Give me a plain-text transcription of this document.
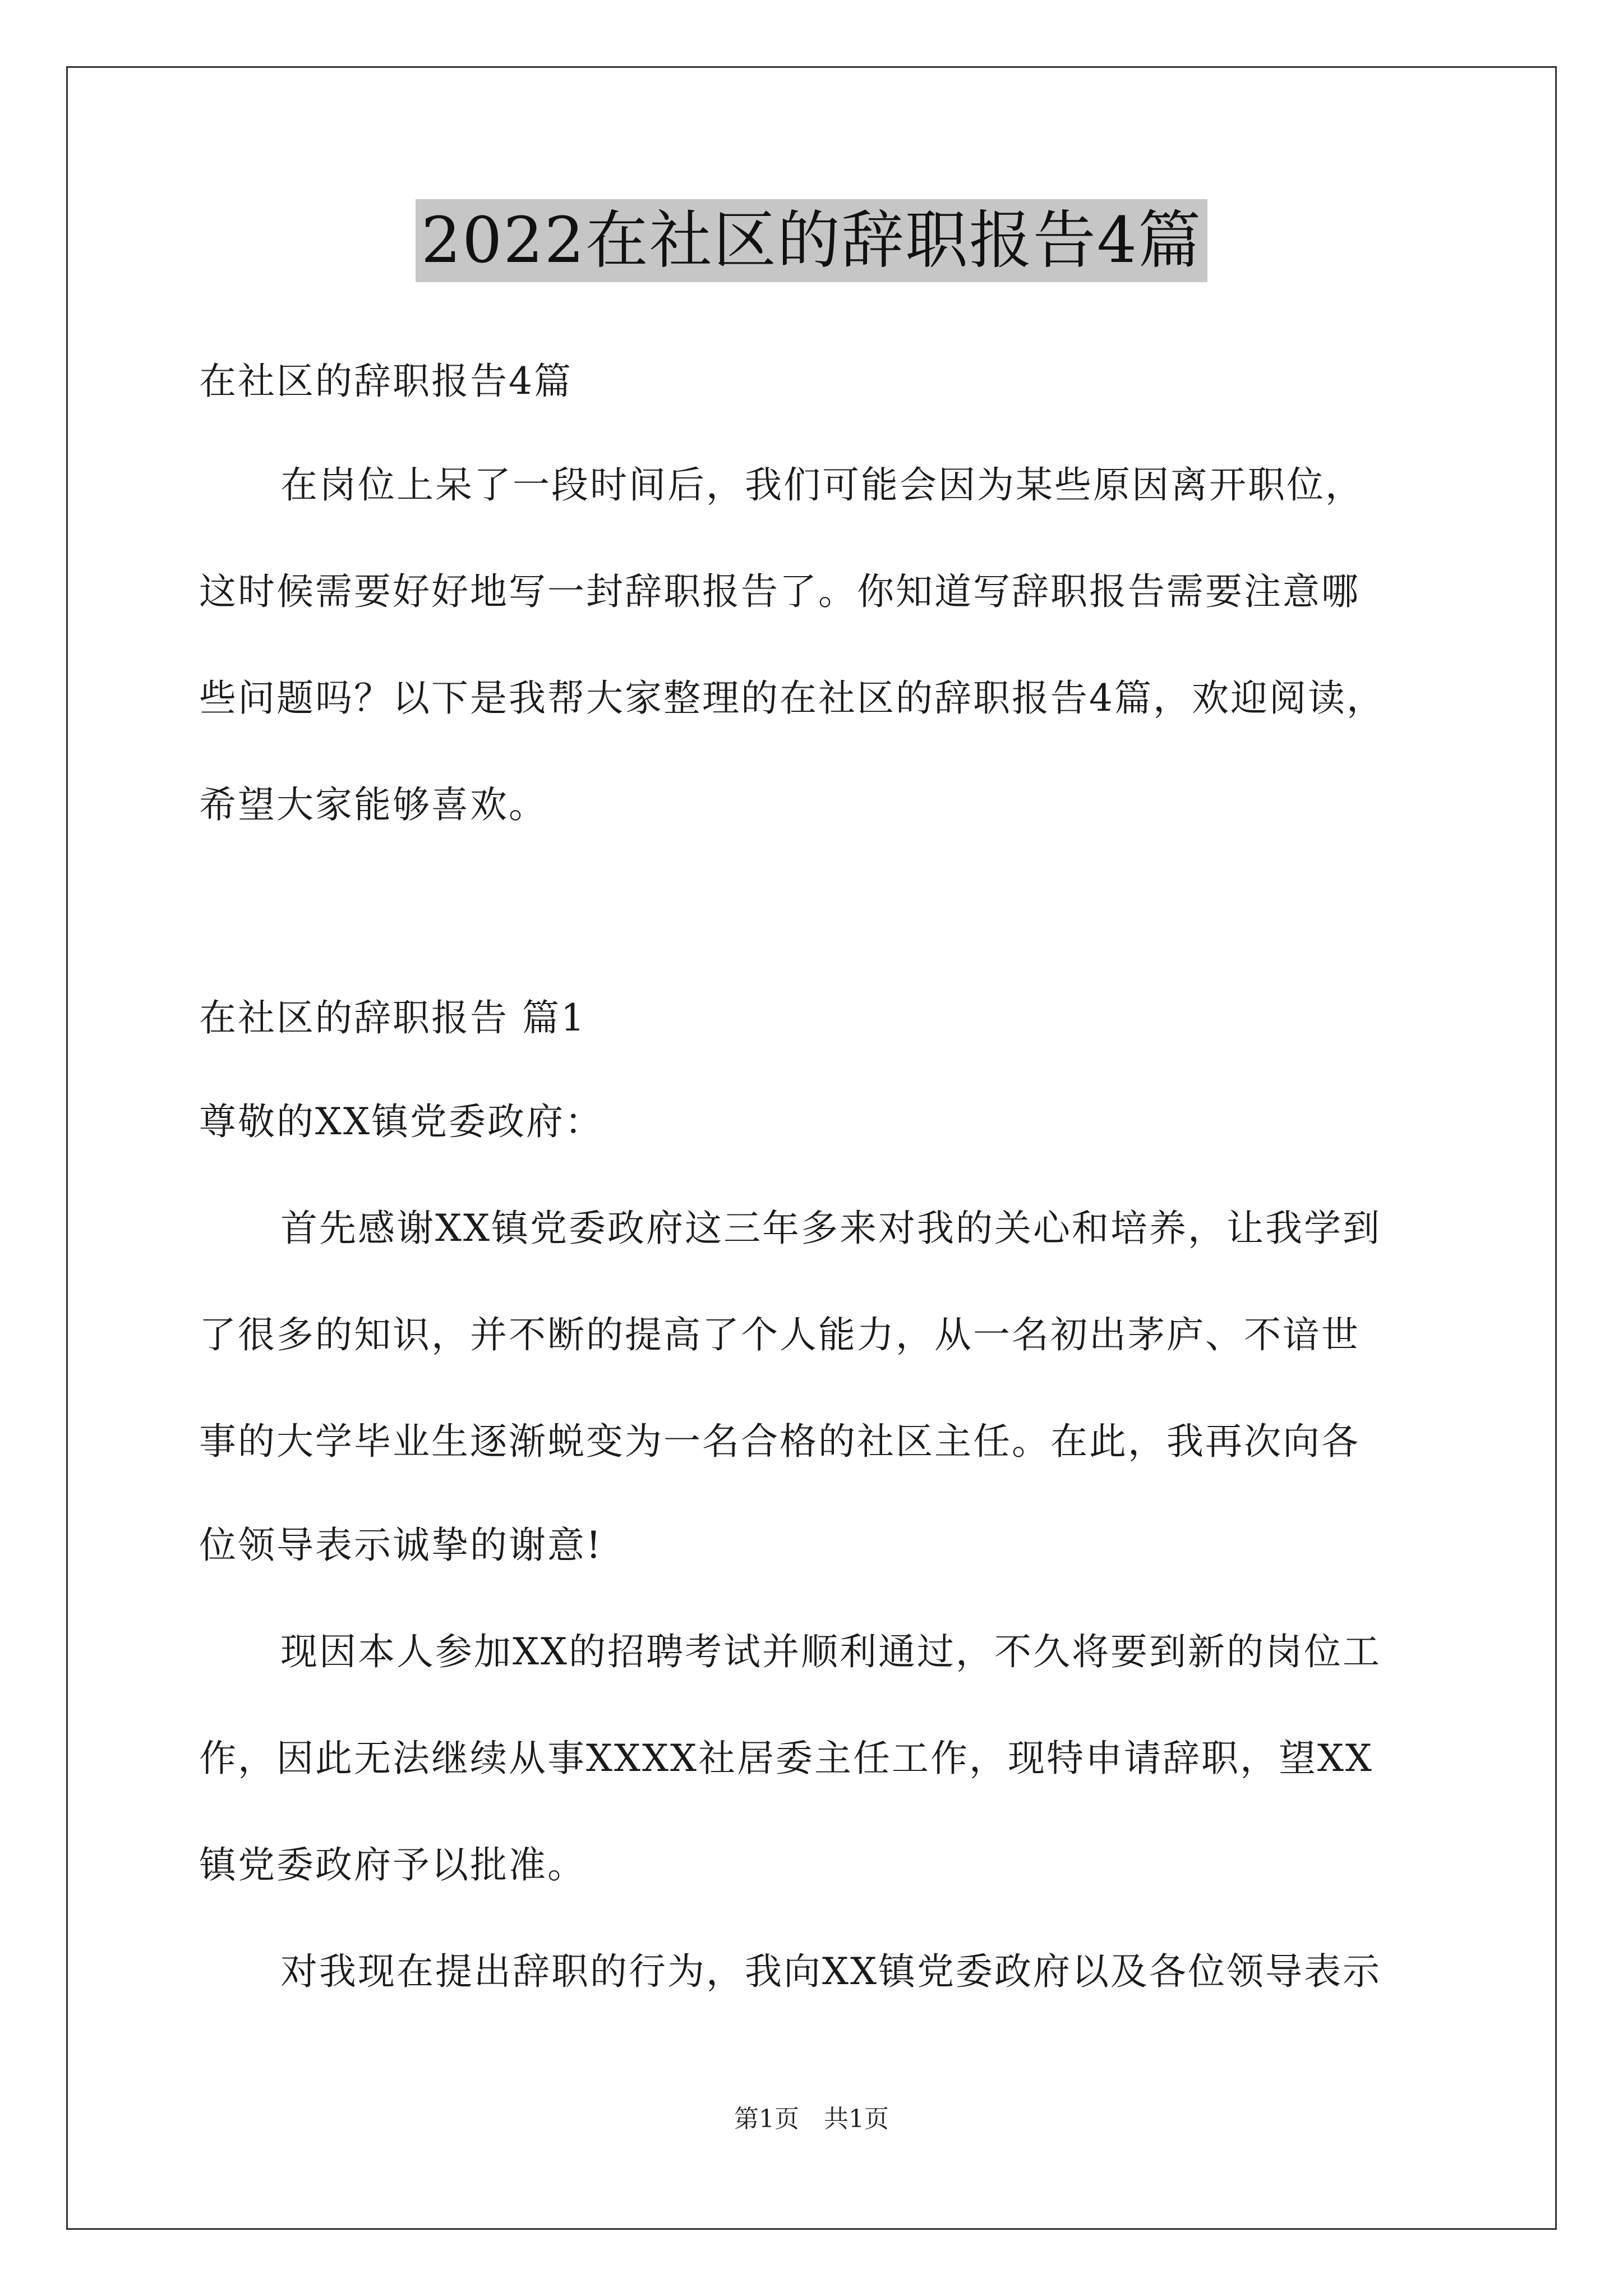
2022在社区的辞职报告4篇
在社区的辞职报告4篇
在岗位上呆了一段时间后，我们可能会因为某些原因离开职位，
这时候需要好好地写一封辞职报告了。你知道写辞职报告需要注意哪
些问题吗？以下是我帮大家整理的在社区的辞职报告4篇，欢迎阅读，
希望大家能够喜欢。
在社区的辞职报告 篇1
尊敬的XX镇党委政府：
首先感谢XX镇党委政府这三年多来对我的关心和培养，让我学到
了很多的知识，并不断的提高了个人能力，从一名初出茅庐、不谙世
事的大学毕业生逐渐蜕变为一名合格的社区主任。在此，我再次向各
位领导表示诚挚的谢意!
现因本人参加XX的招聘考试并顺利通过，不久将要到新的岗位工
作，因此无法继续从事XXXX社居委主任工作，现特申请辞职，望XX
镇党委政府予以批准。
对我现在提出辞职的行为，我向XX镇党委政府以及各位领导表示
第1页　共1页
